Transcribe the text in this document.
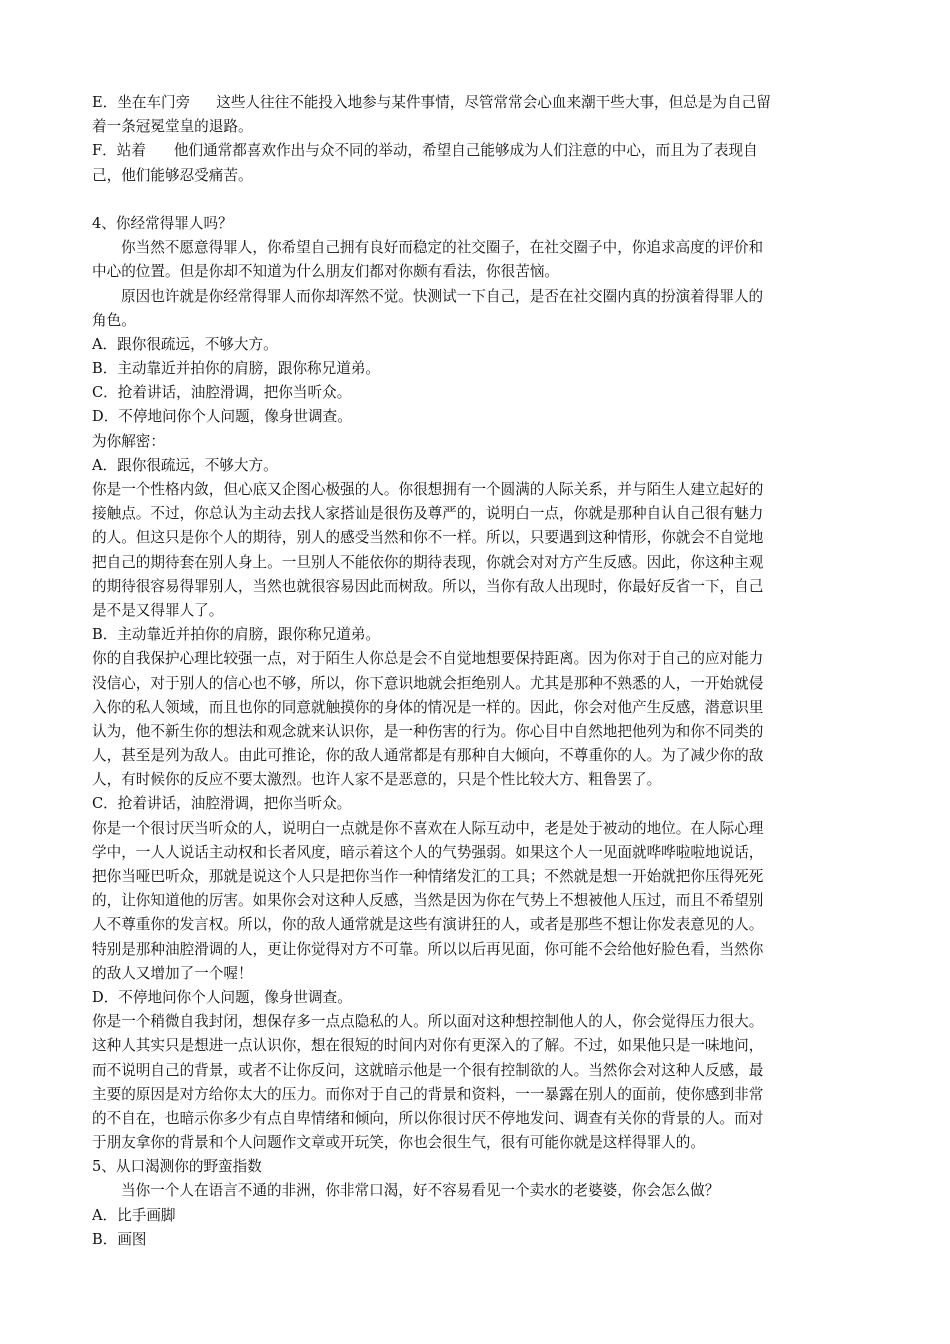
E．坐在车门旁 这些人往往不能投入地参与某件事情，尽管常常会心血来潮干些大事，但总是为自己留
着一条冠冕堂皇的退路。
F．站着 他们通常都喜欢作出与众不同的举动，希望自己能够成为人们注意的中心，而且为了表现自
己，他们能够忍受痛苦。
4、你经常得罪人吗？
你当然不愿意得罪人，你希望自己拥有良好而稳定的社交圈子，在社交圈子中，你追求高度的评价和
中心的位置。但是你却不知道为什么朋友们都对你颇有看法，你很苦恼。
原因也许就是你经常得罪人而你却浑然不觉。快测试一下自己，是否在社交圈内真的扮演着得罪人的
角色。
A．跟你很疏远，不够大方。
B．主动靠近并拍你的肩膀，跟你称兄道弟。
C．抢着讲话，油腔滑调，把你当听众。
D．不停地问你个人问题，像身世调查。
为你解密：
A．跟你很疏远，不够大方。
你是一个性格内敛，但心底又企图心极强的人。你很想拥有一个圆满的人际关系，并与陌生人建立起好的
接触点。不过，你总认为主动去找人家搭讪是很伤及尊严的，说明白一点，你就是那种自认自己很有魅力
的人。但这只是你个人的期待，别人的感受当然和你不一样。所以，只要遇到这种情形，你就会不自觉地
把自己的期待套在别人身上。一旦别人不能依你的期待表现，你就会对对方产生反感。因此，你这种主观
的期待很容易得罪别人，当然也就很容易因此而树敌。所以，当你有敌人出现时，你最好反省一下，自己
是不是又得罪人了。
B．主动靠近并拍你的肩膀，跟你称兄道弟。
你的自我保护心理比较强一点，对于陌生人你总是会不自觉地想要保持距离。因为你对于自己的应对能力
没信心，对于别人的信心也不够，所以，你下意识地就会拒绝别人。尤其是那种不熟悉的人，一开始就侵
入你的私人领域，而且也你的同意就触摸你的身体的情况是一样的。因此，你会对他产生反感，潜意识里
认为，他不新生你的想法和观念就来认识你，是一种伤害的行为。你心目中自然地把他列为和你不同类的
人，甚至是列为敌人。由此可推论，你的敌人通常都是有那种自大倾向，不尊重你的人。为了减少你的敌
人，有时候你的反应不要太激烈。也许人家不是恶意的，只是个性比较大方、粗鲁罢了。
C．抢着讲话，油腔滑调，把你当听众。
你是一个很讨厌当听众的人，说明白一点就是你不喜欢在人际互动中，老是处于被动的地位。在人际心理
学中，一人人说话主动权和长者风度，暗示着这个人的气势强弱。如果这个人一见面就哗哗啦啦地说话，
把你当哑巴听众，那就是说这个人只是把你当作一种情绪发汇的工具；不然就是想一开始就把你压得死死
的，让你知道他的厉害。如果你会对这种人反感，当然是因为你在气势上不想被他人压过，而且不希望别
人不尊重你的发言权。所以，你的敌人通常就是这些有演讲狂的人，或者是那些不想让你发表意见的人。
特别是那种油腔滑调的人，更让你觉得对方不可靠。所以以后再见面，你可能不会给他好脸色看，当然你
的敌人又增加了一个喔！
D．不停地问你个人问题，像身世调查。
你是一个稍微自我封闭，想保存多一点点隐私的人。所以面对这种想控制他人的人，你会觉得压力很大。
这种人其实只是想进一点认识你，想在很短的时间内对你有更深入的了解。不过，如果他只是一味地问，
而不说明自己的背景，或者不让你反问，这就暗示他是一个很有控制欲的人。当然你会对这种人反感，最
主要的原因是对方给你太大的压力。而你对于自己的背景和资料，一一暴露在别人的面前，使你感到非常
的不自在，也暗示你多少有点自卑情绪和倾向，所以你很讨厌不停地发问、调查有关你的背景的人。而对
于朋友拿你的背景和个人问题作文章或开玩笑，你也会很生气，很有可能你就是这样得罪人的。
5、从口渴测你的野蛮指数
当你一个人在语言不通的非洲，你非常口渴，好不容易看见一个卖水的老婆婆，你会怎么做？
A．比手画脚
B．画图
